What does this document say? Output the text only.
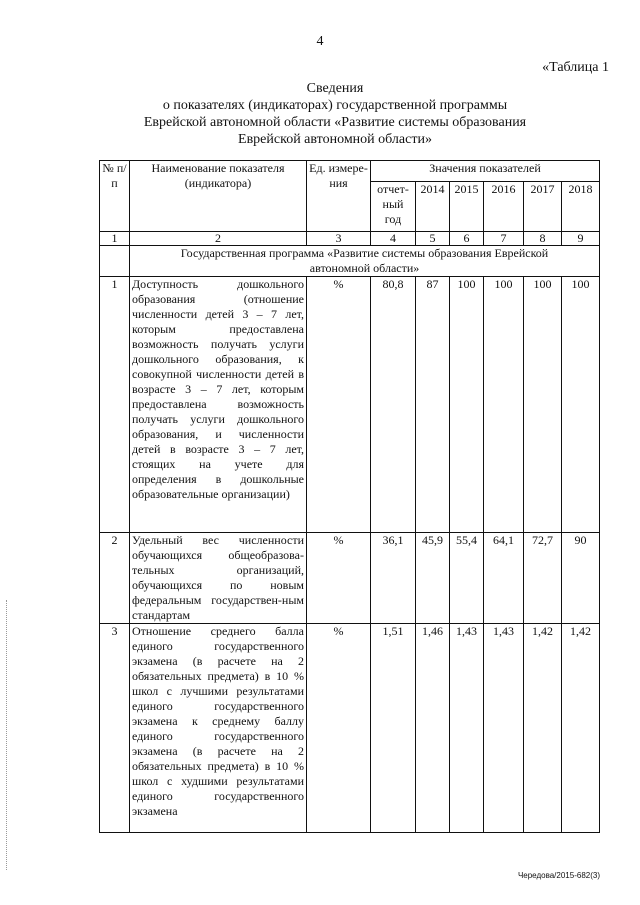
4
«Таблица 1
Сведения
о показателях (индикаторах) государственной программы
Еврейской автономной области «Развитие системы образования
Еврейской автономной области»
№ п/п	Наименование показателя (индикатора)	Ед. измере-ния	Значения показателей					
			отчет-ный год	2014	2015	2016	2017	2018
1	2	3	4	5	6	7	8	9
	Государственная программа «Развитие системы образования Еврейской автономной области»							
1	Доступность дошкольного образования (отношение численности детей 3 – 7 лет, которым предоставлена возможность получать услуги дошкольного образования, к совокупной численности детей в возрасте 3 – 7 лет, которым предоставлена возможность получать услуги дошкольного образования, и численности детей в возрасте 3 – 7 лет, стоящих на учете для определения в дошкольные образовательные организации)	%	80,8	87	100	100	100	100
2	Удельный вес численности обучающихся общеобразова-тельных организаций, обучающихся по новым федеральным государствен-ным стандартам	%	36,1	45,9	55,4	64,1	72,7	90
3	Отношение среднего балла единого государственного экзамена (в расчете на 2 обязательных предмета) в 10 % школ с лучшими результатами единого государственного экзамена к среднему баллу единого государственного экзамена (в расчете на 2 обязательных предмета) в 10 % школ с худшими результатами единого государственного экзамена	%	1,51	1,46	1,43	1,43	1,42	1,42
Чередова/2015-682(3)
